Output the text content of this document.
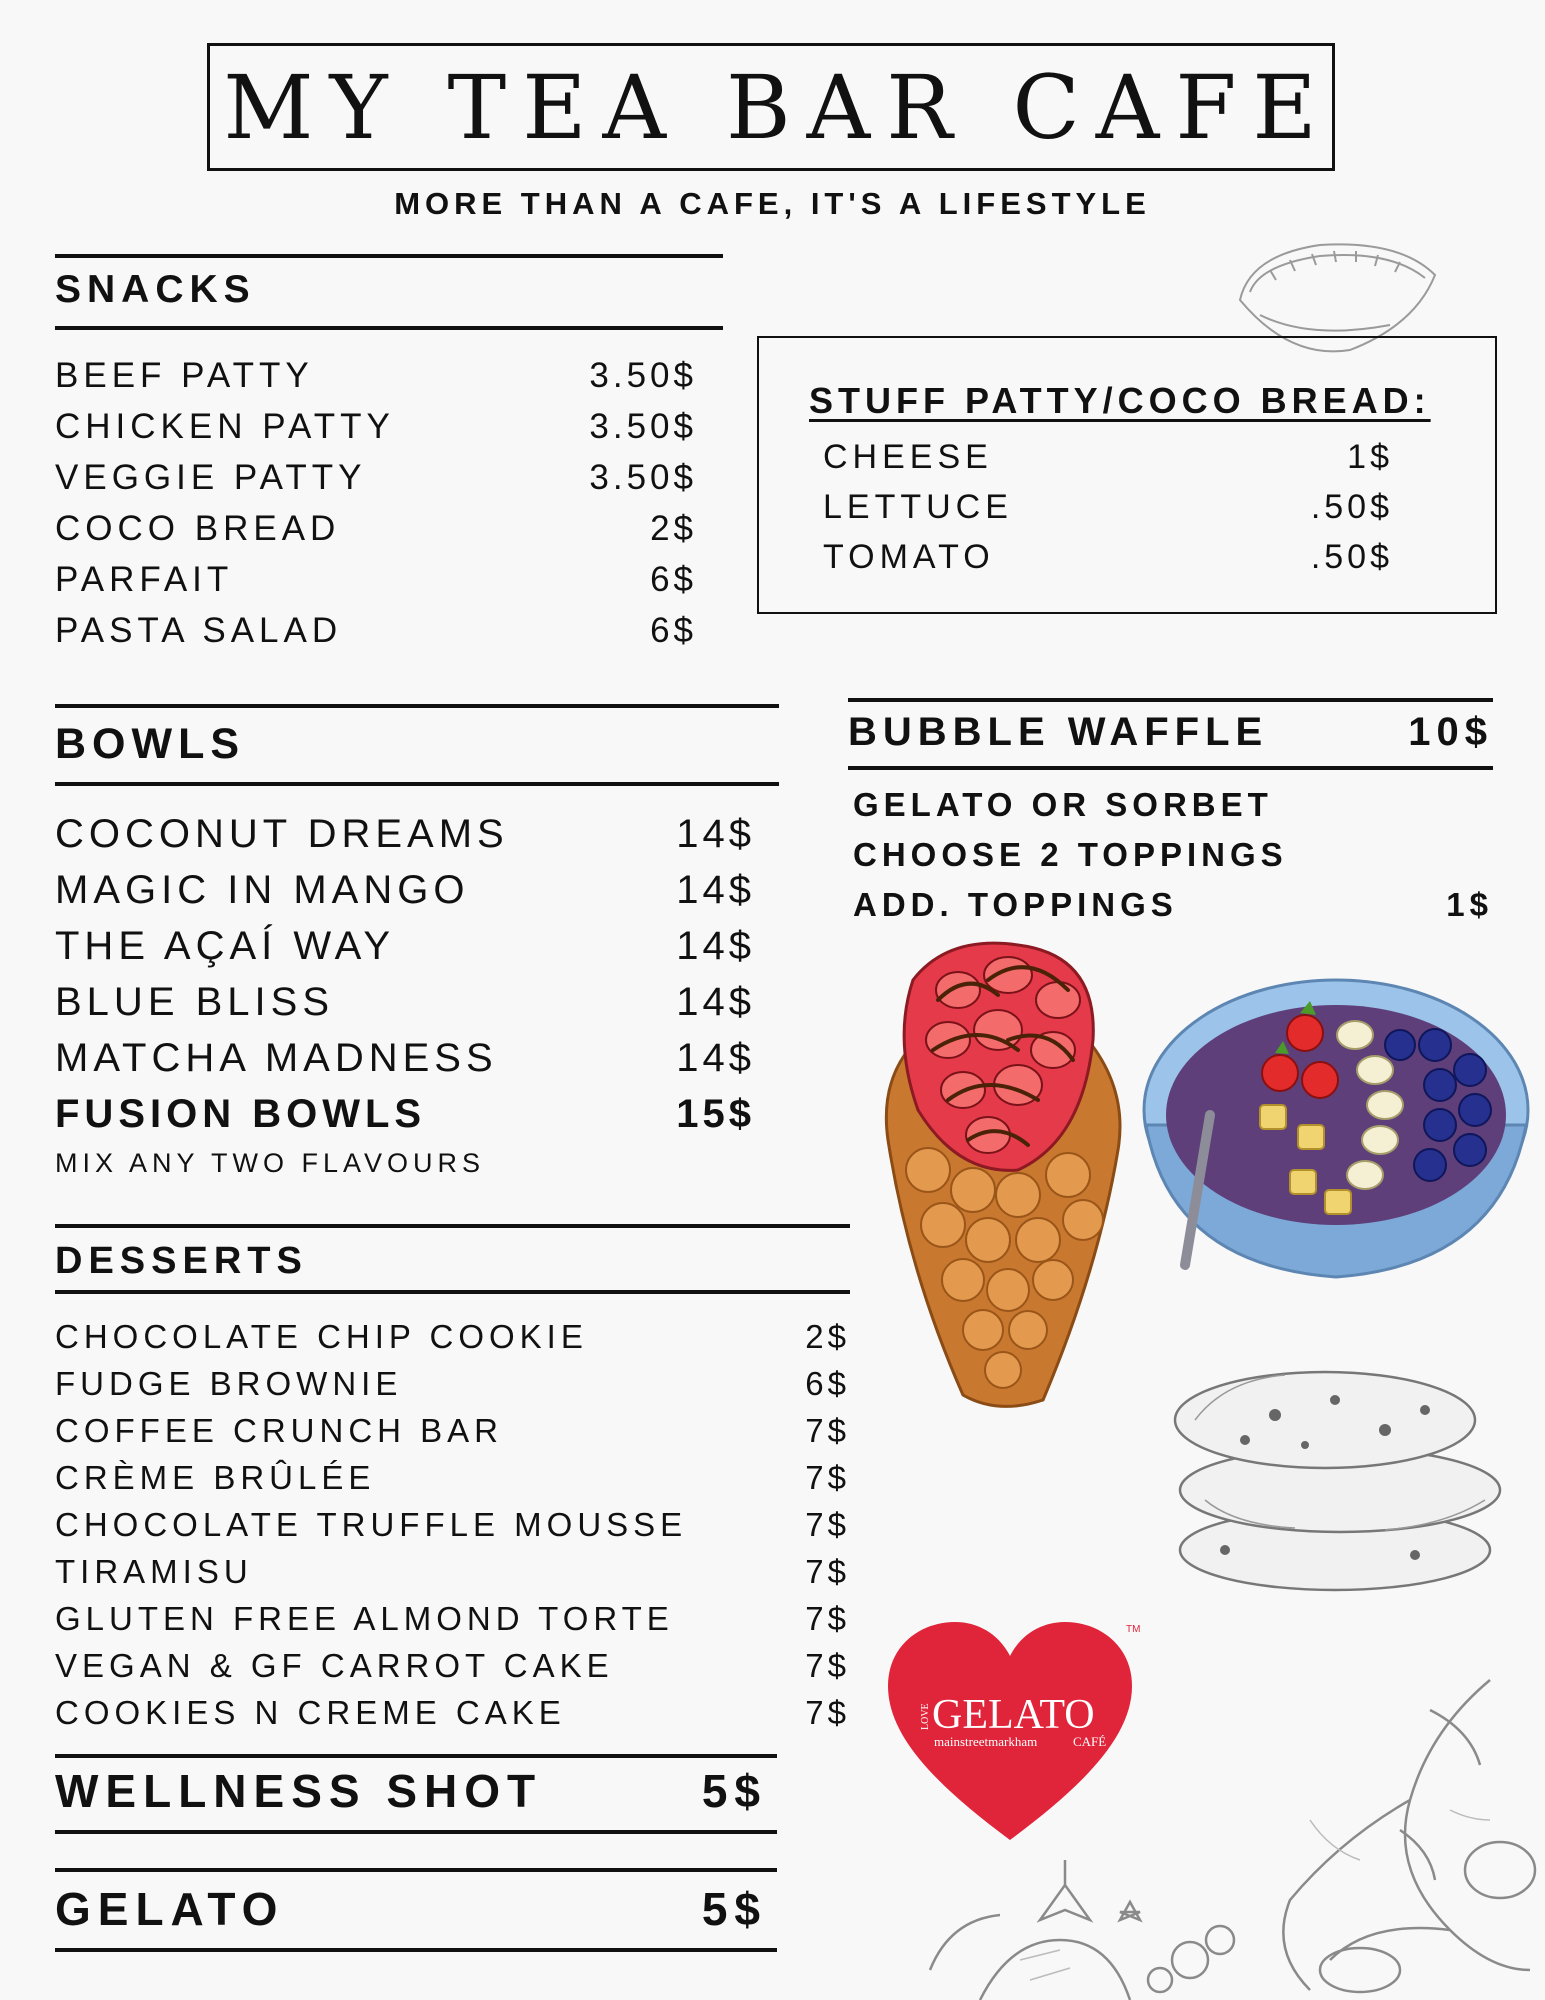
MY TEA BAR CAFE
MORE THAN A CAFE, IT'S A LIFESTYLE
SNACKS
BEEF PATTY	3.50$
CHICKEN PATTY	3.50$
VEGGIE PATTY	3.50$
COCO BREAD	2$
PARFAIT	6$
PASTA SALAD	6$
STUFF PATTY/COCO BREAD:
CHEESE	1$
LETTUCE	.50$
TOMATO	.50$
BOWLS
COCONUT DREAMS	14$
MAGIC IN MANGO	14$
THE AÇAÍ WAY	14$
BLUE BLISS	14$
MATCHA MADNESS	14$
FUSION BOWLS	15$
MIX ANY TWO FLAVOURS
BUBBLE WAFFLE	10$
GELATO OR SORBET
CHOOSE 2 TOPPINGS
ADD. TOPPINGS	1$
DESSERTS
CHOCOLATE CHIP COOKIE	2$
FUDGE BROWNIE	6$
COFFEE CRUNCH BAR	7$
CRÈME BRÛLÉE	7$
CHOCOLATE TRUFFLE MOUSSE	7$
TIRAMISU	7$
GLUTEN FREE ALMOND TORTE	7$
VEGAN & GF CARROT CAKE	7$
COOKIES N CREME CAKE	7$
WELLNESS SHOT	5$
GELATO	5$
TM
LOVE GELATO
mainstreetmarkham	CAFÉ
